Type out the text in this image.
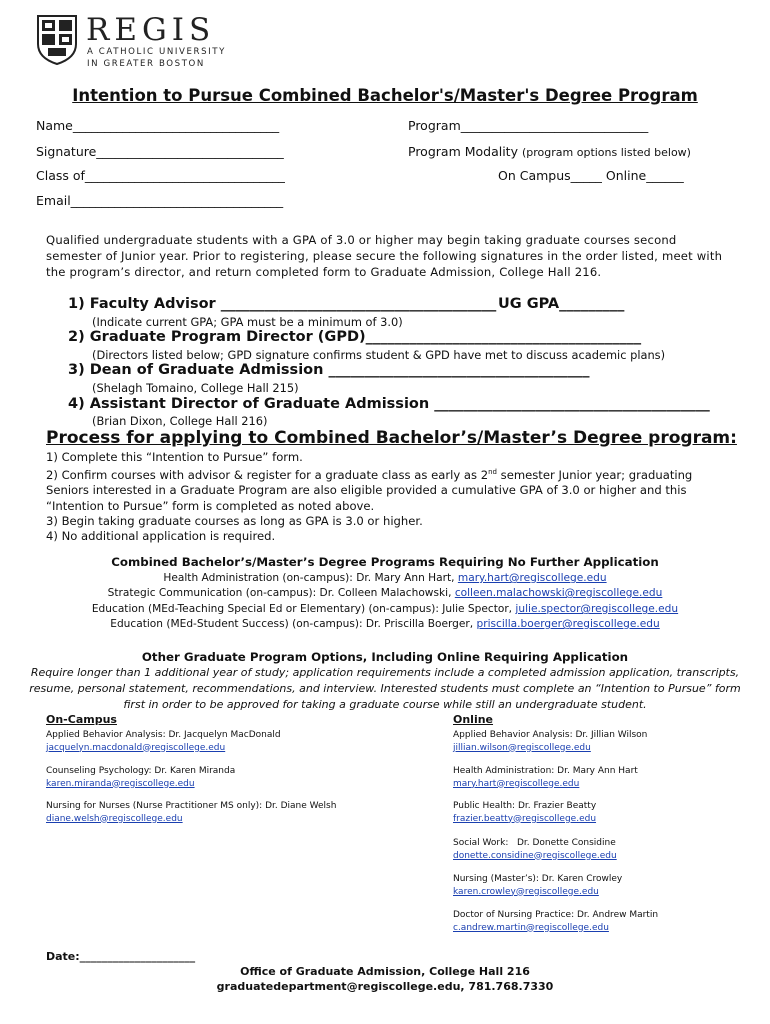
REGIS
A CATHOLIC UNIVERSITY
IN GREATER BOSTON
Intention to Pursue Combined Bachelor's/Master's Degree Program
Name_________________________________	Program______________________________
Signature______________________________	Program Modality (program options listed below)
Class of________________________________	On Campus_____ Online______
Email__________________________________
Qualified undergraduate students with a GPA of 3.0 or higher may begin taking graduate courses second semester of Junior year. Prior to registering, please secure the following signatures in the order listed, meet with the program’s director, and return completed form to Graduate Admission, College Hall 216.
1) Faculty Advisor ______________________________________ UG GPA_________
(Indicate current GPA; GPA must be a minimum of 3.0)
2) Graduate Program Director (GPD)______________________________________
(Directors listed below; GPD signature confirms student & GPD have met to discuss academic plans)
3) Dean of Graduate Admission ____________________________________
(Shelagh Tomaino, College Hall 215)
4) Assistant Director of Graduate Admission ______________________________________
(Brian Dixon, College Hall 216)
Process for applying to Combined Bachelor’s/Master’s Degree program:

1) Complete this “Intention to Pursue” form.

2) Confirm courses with advisor & register for a graduate class as early as 2nd semester Junior year; graduating Seniors interested in a Graduate Program are also eligible provided a cumulative GPA of 3.0 or higher and this “Intention to Pursue” form is completed as noted above.

3) Begin taking graduate courses as long as GPA is 3.0 or higher.

4) No additional application is required.

Combined Bachelor’s/Master’s Degree Programs Requiring No Further Application
Health Administration (on-campus): Dr. Mary Ann Hart, mary.hart@regiscollege.edu
Strategic Communication (on-campus): Dr. Colleen Malachowski, colleen.malachowski@regiscollege.edu
Education (MEd-Teaching Special Ed or Elementary) (on-campus): Julie Spector, julie.spector@regiscollege.edu
Education (MEd-Student Success) (on-campus): Dr. Priscilla Boerger, priscilla.boerger@regiscollege.edu
Other Graduate Program Options, Including Online Requiring Application
Require longer than 1 additional year of study; application requirements include a completed admission application, transcripts,
resume, personal statement, recommendations, and interview. Interested students must complete an “Intention to Pursue” form
first in order to be approved for taking a graduate course while still an undergraduate student.
On-Campus	Online
Applied Behavior Analysis: Dr. Jacquelyn MacDonald
jacquelyn.macdonald@regiscollege.edu
Counseling Psychology: Dr. Karen Miranda
karen.miranda@regiscollege.edu
Nursing for Nurses (Nurse Practitioner MS only): Dr. Diane Welsh
diane.welsh@regiscollege.edu
Applied Behavior Analysis: Dr. Jillian Wilson
jillian.wilson@regiscollege.edu
Health Administration: Dr. Mary Ann Hart
mary.hart@regiscollege.edu
Public Health: Dr. Frazier Beatty
frazier.beatty@regiscollege.edu
Social Work:   Dr. Donette Considine
donette.considine@regiscollege.edu
Nursing (Master’s): Dr. Karen Crowley
karen.crowley@regiscollege.edu
Doctor of Nursing Practice: Dr. Andrew Martin
c.andrew.martin@regiscollege.edu
Date:_____________________
Office of Graduate Admission, College Hall 216
graduatedepartment@regiscollege.edu, 781.768.7330
